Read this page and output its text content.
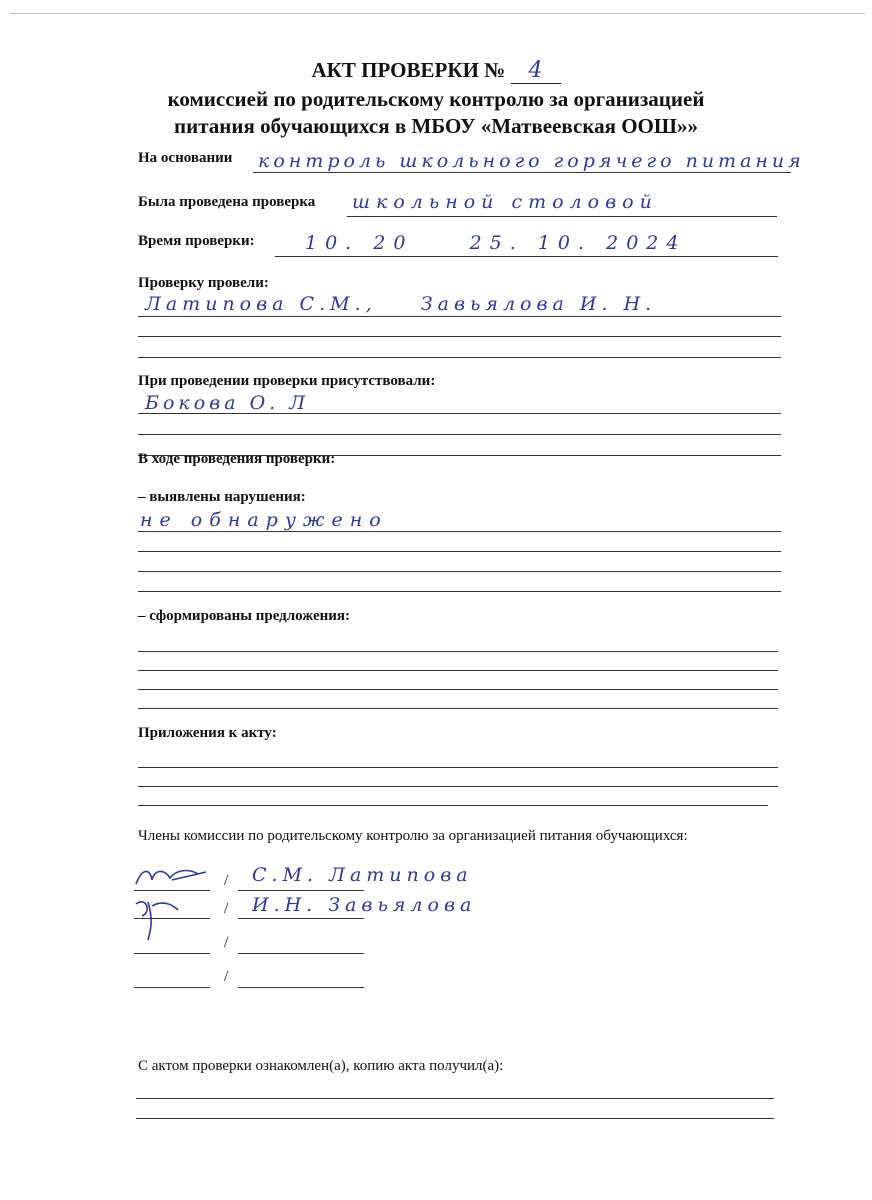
АКТ ПРОВЕРКИ № 4
комиссией по родительскому контролю за организацией
питания обучающихся в МБОУ «Матвеевская ООШ»»
На основании контроль школьного горячего питания
Была проведена проверка школьной столовой
Время проверки:	10. 20    25. 10. 2024
Проверку провели:
Латипова С.М.,    Завьялова И. Н.
При проведении проверки присутствовали:
Бокова О. Л
В ходе проведения проверки:
– выявлены нарушения:
не обнаружено
– сформированы предложения:
Приложения к акту:
Члены комиссии по родительскому контролю за организацией питания обучающихся:
/ С.М. Латипова
/ И.Н. Завьялова
/
/
С актом проверки ознакомлен(а), копию акта получил(а):
